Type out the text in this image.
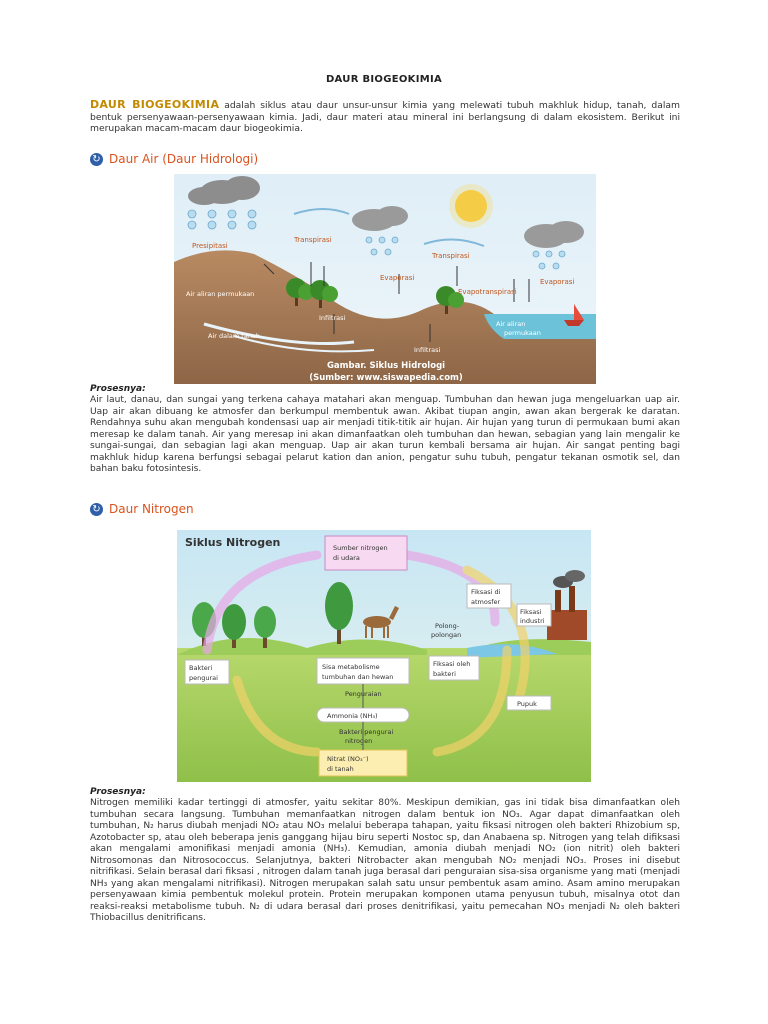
DAUR BIOGEOKIMIA
DAUR BIOGEOKIMIA adalah siklus atau daur unsur-unsur kimia yang melewati tubuh makhluk hidup, tanah, dalam bentuk persenyawaan-persenyawaan kimia. Jadi, daur materi atau mineral ini berlangsung di dalam ekosistem. Berikut ini merupakan macam-macam daur biogeokimia.
↻ Daur Air (Daur Hidrologi)
Presipitasi
Transpirasi
Transpirasi
Evaporasi	Evaporasi
Evapotranspirasi
Air aliran permukaan
Air dalam tanah
Infiltrasi
Infiltrasi
Air aliran
permukaan
Gambar. Siklus Hidrologi
(Sumber: www.siswapedia.com)
Prosesnya:
Air laut, danau, dan sungai yang terkena cahaya matahari akan menguap. Tumbuhan dan hewan juga mengeluarkan uap air. Uap air akan dibuang ke atmosfer dan berkumpul membentuk awan. Akibat tiupan angin, awan akan bergerak ke daratan. Rendahnya suhu akan mengubah kondensasi uap air menjadi titik-titik air hujan. Air hujan yang turun di permukaan bumi akan meresap ke dalam tanah. Air yang meresap ini akan dimanfaatkan oleh tumbuhan dan hewan, sebagian yang lain mengalir ke sungai-sungai, dan sebagian lagi akan menguap. Uap air akan turun kembali bersama air hujan. Air sangat penting bagi makhluk hidup karena berfungsi sebagai pelarut kation dan anion, pengatur suhu tubuh, pengatur tekanan osmotik sel, dan bahan baku fotosintesis.
↻ Daur Nitrogen
Siklus Nitrogen	Sumber nitrogen
di udara
Fiksasi di
atmosfer
Fiksasi
industri
Polong-
polongan
Bakteri
pengurai
Sisa metabolisme
tumbuhan dan hewan
Fiksasi oleh
bakteri
Penguraian
Ammonia (NH₃)
Pupuk
Bakteri pengurai
nitrogen
Nitrat (NO₃⁻)
di tanah
Prosesnya:
Nitrogen memiliki kadar tertinggi di atmosfer, yaitu sekitar 80%. Meskipun demikian, gas ini tidak bisa dimanfaatkan oleh tumbuhan secara langsung. Tumbuhan memanfaatkan nitrogen dalam bentuk ion NO₃. Agar dapat dimanfaatkan oleh tumbuhan, N₂ harus diubah menjadi NO₂ atau NO₃ melalui beberapa tahapan, yaitu fiksasi nitrogen oleh bakteri Rhizobium sp, Azotobacter sp, atau oleh beberapa jenis ganggang hijau biru seperti Nostoc sp, dan Anabaena sp. Nitrogen yang telah difiksasi akan mengalami amonifikasi menjadi amonia (NH₃). Kemudian, amonia diubah menjadi NO₂ (ion nitrit) oleh bakteri Nitrosomonas dan Nitrosococcus. Selanjutnya, bakteri Nitrobacter akan mengubah NO₂ menjadi NO₃. Proses ini disebut nitrifikasi. Selain berasal dari fiksasi , nitrogen dalam tanah juga berasal dari penguraian sisa-sisa organisme yang mati (menjadi NH₃ yang akan mengalami nitrifikasi). Nitrogen merupakan salah satu unsur pembentuk asam amino. Asam amino merupakan persenyawaan kimia pembentuk molekul protein. Protein merupakan komponen utama penyusun tubuh, misalnya otot dan reaksi-reaksi metabolisme tubuh. N₂ di udara berasal dari proses denitrifikasi, yaitu pemecahan NO₃ menjadi N₂ oleh bakteri Thiobacillus denitrificans.
